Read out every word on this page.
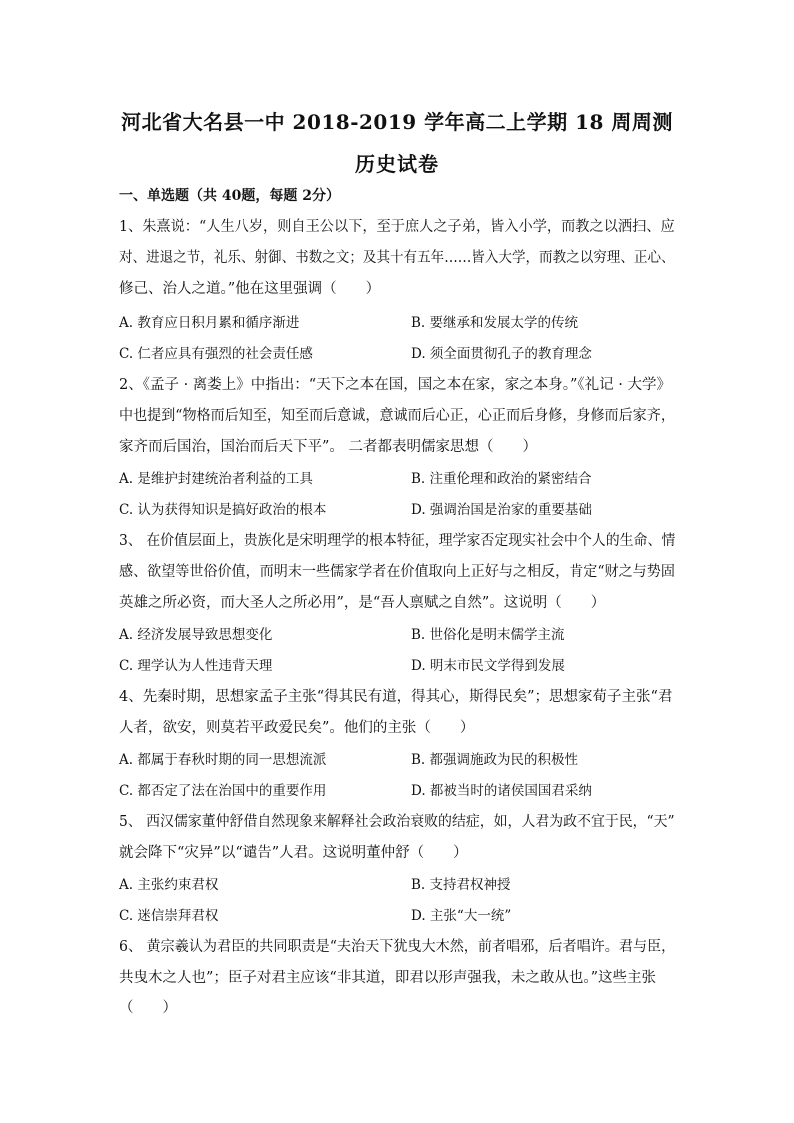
河北省大名县一中 2018-2019 学年高二上学期 18 周周测
历史试卷
一、单选题（共 40题，每题 2分）
1、朱熹说：“人生八岁，则自王公以下，至于庶人之子弟，皆入小学，而教之以洒扫、应
对、进退之节，礼乐、射御、书数之文；及其十有五年……皆入大学，而教之以穷理、正心、
修己、治人之道。”他在这里强调（　　）
A. 教育应日积月累和循序渐进	B. 要继承和发展太学的传统
C. 仁者应具有强烈的社会责任感	D. 须全面贯彻孔子的教育理念
2、《孟子 · 离娄上》中指出：“天下之本在国，国之本在家，家之本身。”《礼记 · 大学》
中也提到“物格而后知至，知至而后意诚，意诚而后心正，心正而后身修，身修而后家齐，
家齐而后国治，国治而后天下平”。 二者都表明儒家思想（　　）
A. 是维护封建统治者利益的工具	B. 注重伦理和政治的紧密结合
C. 认为获得知识是搞好政治的根本	D. 强调治国是治家的重要基础
3、 在价值层面上，贵族化是宋明理学的根本特征，理学家否定现实社会中个人的生命、情
感、欲望等世俗价值，而明末一些儒家学者在价值取向上正好与之相反，肯定“财之与势固
英雄之所必资，而大圣人之所必用”，是“吾人禀赋之自然”。这说明（　　）
A. 经济发展导致思想变化	B. 世俗化是明末儒学主流
C. 理学认为人性违背天理	D. 明末市民文学得到发展
4、先秦时期，思想家孟子主张“得其民有道，得其心，斯得民矣”；思想家荀子主张“君
人者，欲安，则莫若平政爱民矣”。他们的主张（　　）
A. 都属于春秋时期的同一思想流派	B. 都强调施政为民的积极性
C. 都否定了法在治国中的重要作用	D. 都被当时的诸侯国国君采纳
5、 西汉儒家董仲舒借自然现象来解释社会政治衰败的结症，如，人君为政不宜于民，“天”
就会降下“灾异”以“谴告”人君。这说明董仲舒（　　）
A. 主张约束君权	B. 支持君权神授
C. 迷信崇拜君权	D. 主张“大一统”
6、 黄宗羲认为君臣的共同职责是“夫治天下犹曳大木然，前者唱邪，后者唱许。君与臣，
共曳木之人也”；臣子对君主应该“非其道，即君以形声强我，未之敢从也。”这些主张
（　　）
